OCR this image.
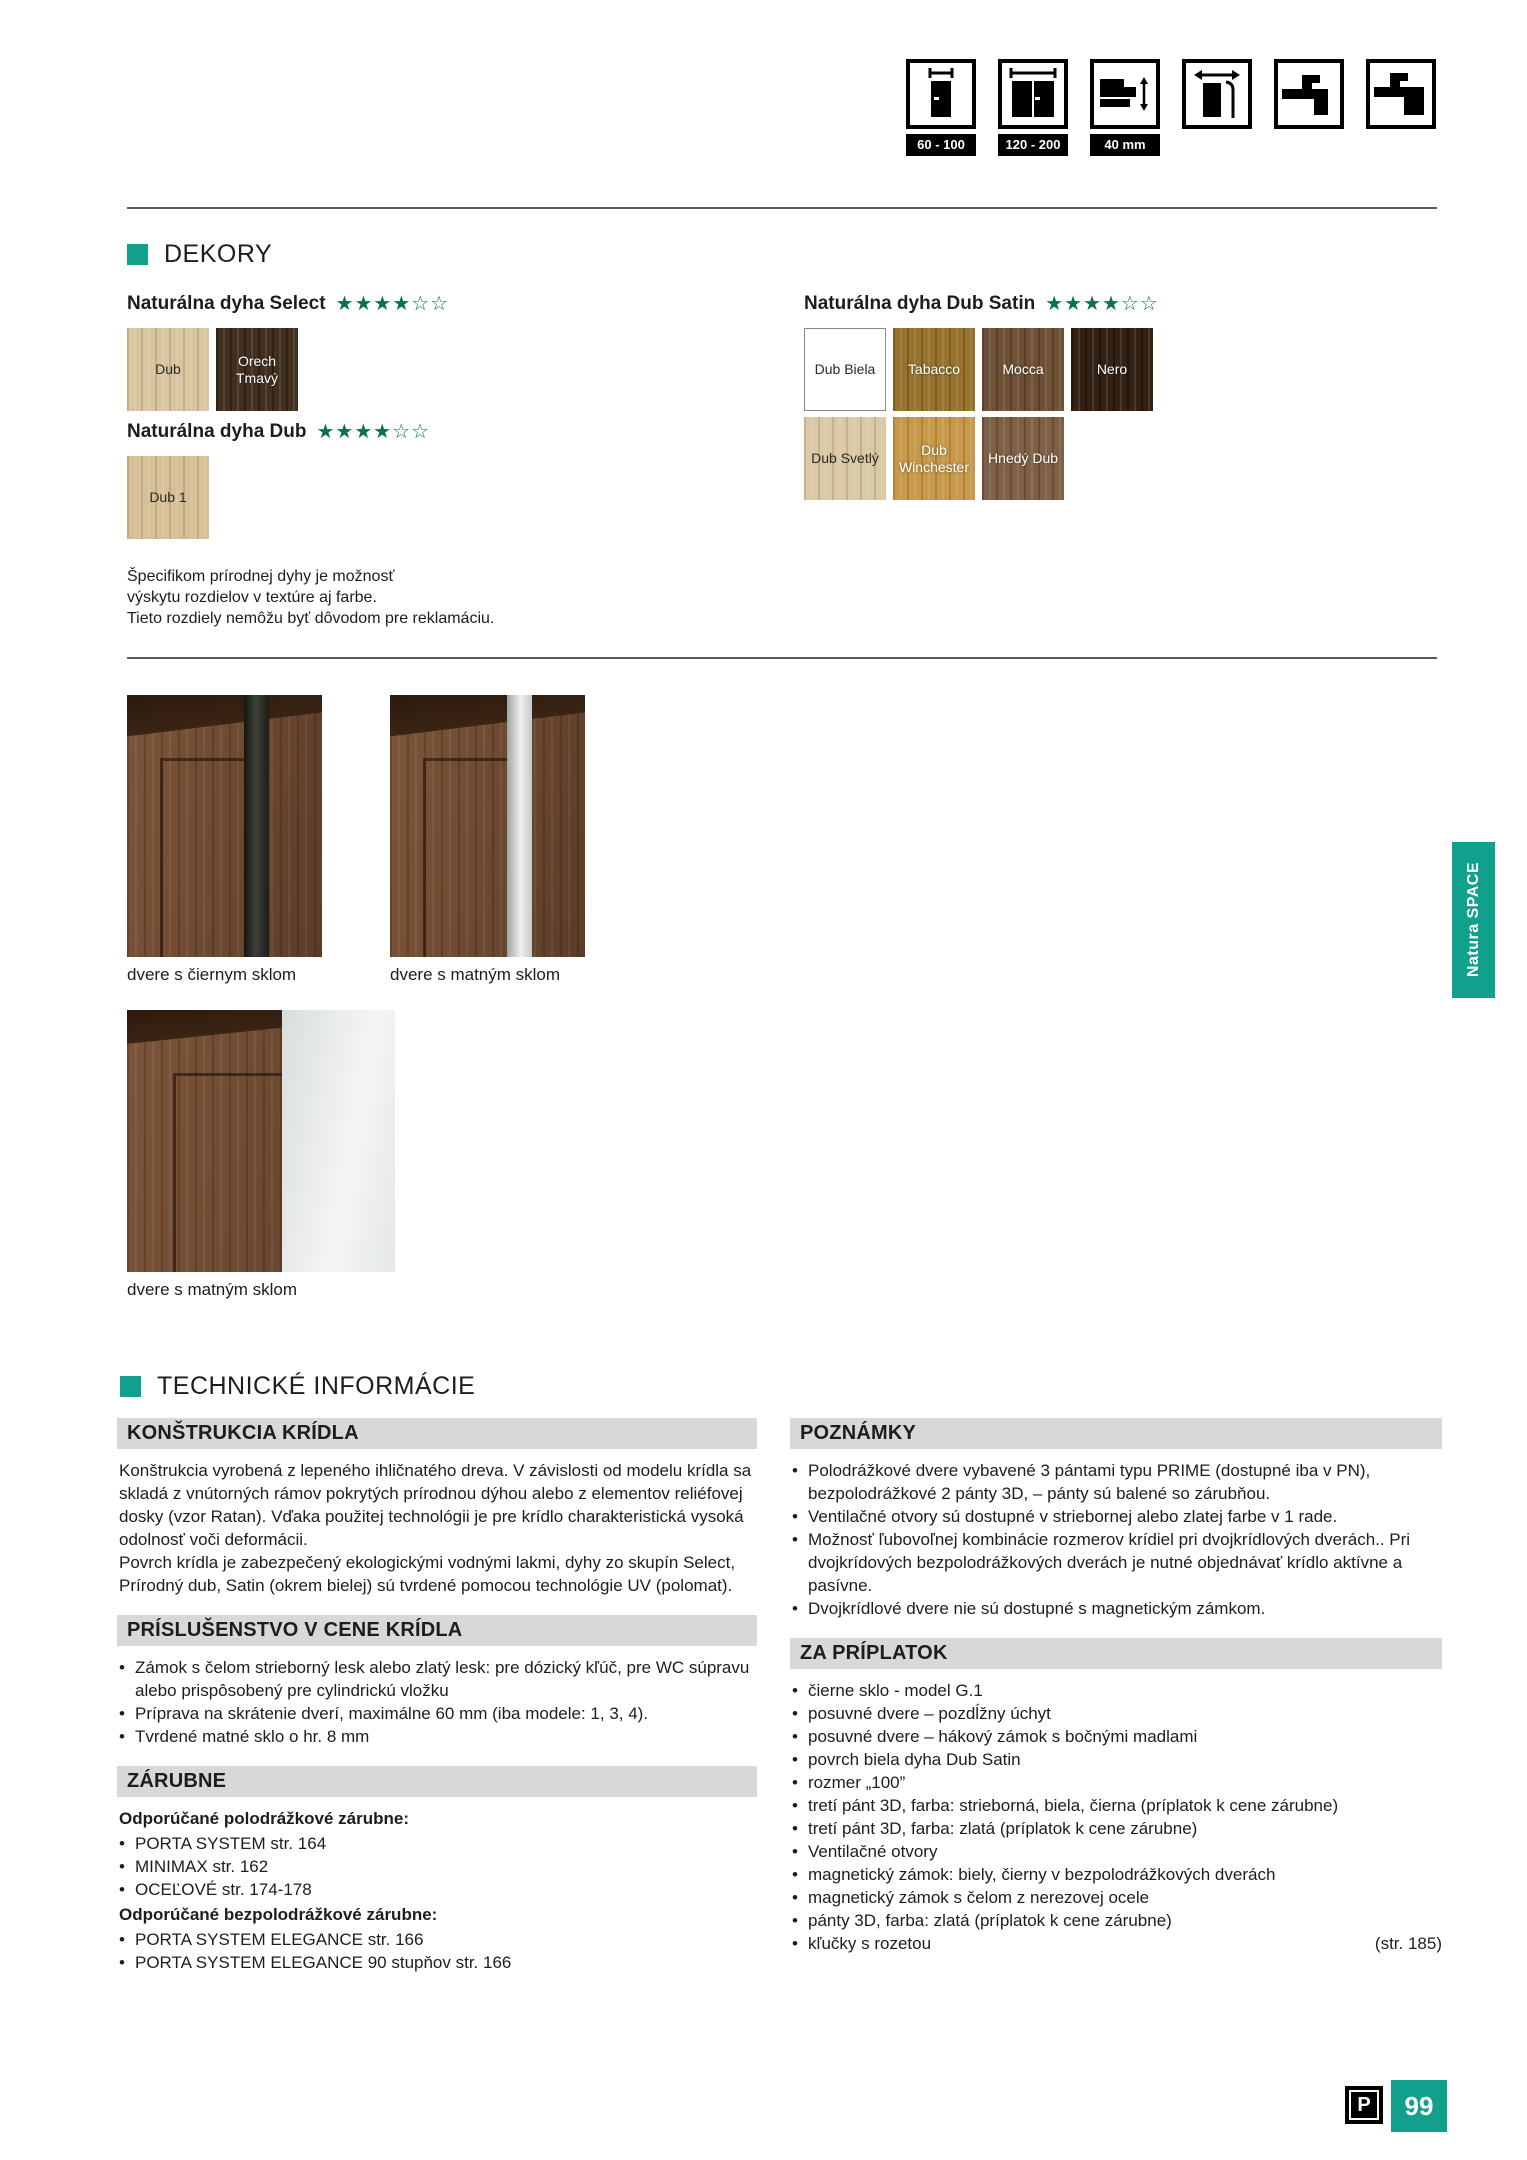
60 - 100	120 - 200	40 mm
DEKORY
Naturálna dyha Select ★★★★☆☆
Dub
Orech Tmavý
Naturálna dyha Dub ★★★★☆☆
Dub 1
Naturálna dyha Dub Satin ★★★★☆☆
Dub Biela Tabacco	Mocca	Nero
Dub Svetlý
Dub Winchester
Hnedý Dub
Špecifikom prírodnej dyhy je možnosť
výskytu rozdielov v textúre aj farbe.
Tieto rozdiely nemôžu byť dôvodom pre reklamáciu.
dvere s čiernym sklom	dvere s matným sklom
dvere s matným sklom
Natura SPACE
TECHNICKÉ INFORMÁCIE
KONŠTRUKCIA KRÍDLA
Konštrukcia vyrobená z lepeného ihličnatého dreva. V závislosti od modelu krídla sa skladá z vnútorných rámov pokrytých prírodnou dýhou alebo z elementov reliéfovej dosky (vzor Ratan). Vďaka použitej technológii je pre krídlo charakteristická vysoká odolnosť voči deformácii.
Povrch krídla je zabezpečený ekologickými vodnými lakmi, dyhy zo skupín Select, Prírodný dub, Satin (okrem bielej) sú tvrdené pomocou technológie UV (polomat).
PRÍSLUŠENSTVO V CENE KRÍDLA
• Zámok s čelom strieborný lesk alebo zlatý lesk: pre dózický kľúč, pre WC súpravu alebo prispôsobený pre cylindrickú vložku
• Príprava na skrátenie dverí, maximálne 60 mm (iba modele: 1, 3, 4).
• Tvrdené matné sklo o hr. 8 mm
ZÁRUBNE
Odporúčané polodrážkové zárubne:
• PORTA SYSTEM str. 164
• MINIMAX str. 162
• OCEĽOVÉ str. 174-178
Odporúčané bezpolodrážkové zárubne:
• PORTA SYSTEM ELEGANCE str. 166
• PORTA SYSTEM ELEGANCE 90 stupňov str. 166
POZNÁMKY
• Polodrážkové dvere vybavené 3 pántami typu PRIME (dostupné iba v PN), bezpolodrážkové 2 pánty 3D, – pánty sú balené so zárubňou.
• Ventilačné otvory sú dostupné v striebornej alebo zlatej farbe v 1 rade.
• Možnosť ľubovoľnej kombinácie rozmerov krídiel pri dvojkrídlových dverách.. Pri dvojkrídových bezpolodrážkových dverách je nutné objednávať krídlo aktívne a pasívne.
• Dvojkrídlové dvere nie sú dostupné s magnetickým zámkom.
ZA PRÍPLATOK
• čierne sklo - model G.1
• posuvné dvere – pozdĺžny úchyt
• posuvné dvere – hákový zámok s bočnými madlami
• povrch biela dyha Dub Satin
• rozmer „100”
• tretí pánt 3D, farba: strieborná, biela, čierna (príplatok k cene zárubne)
• tretí pánt 3D, farba: zlatá (príplatok k cene zárubne)
• Ventilačné otvory
• magnetický zámok: biely, čierny v bezpolodrážkových dverách
• magnetický zámok s čelom z nerezovej ocele
• pánty 3D, farba: zlatá (príplatok k cene zárubne)
• kľučky s rozetou	(str. 185)
P	99
